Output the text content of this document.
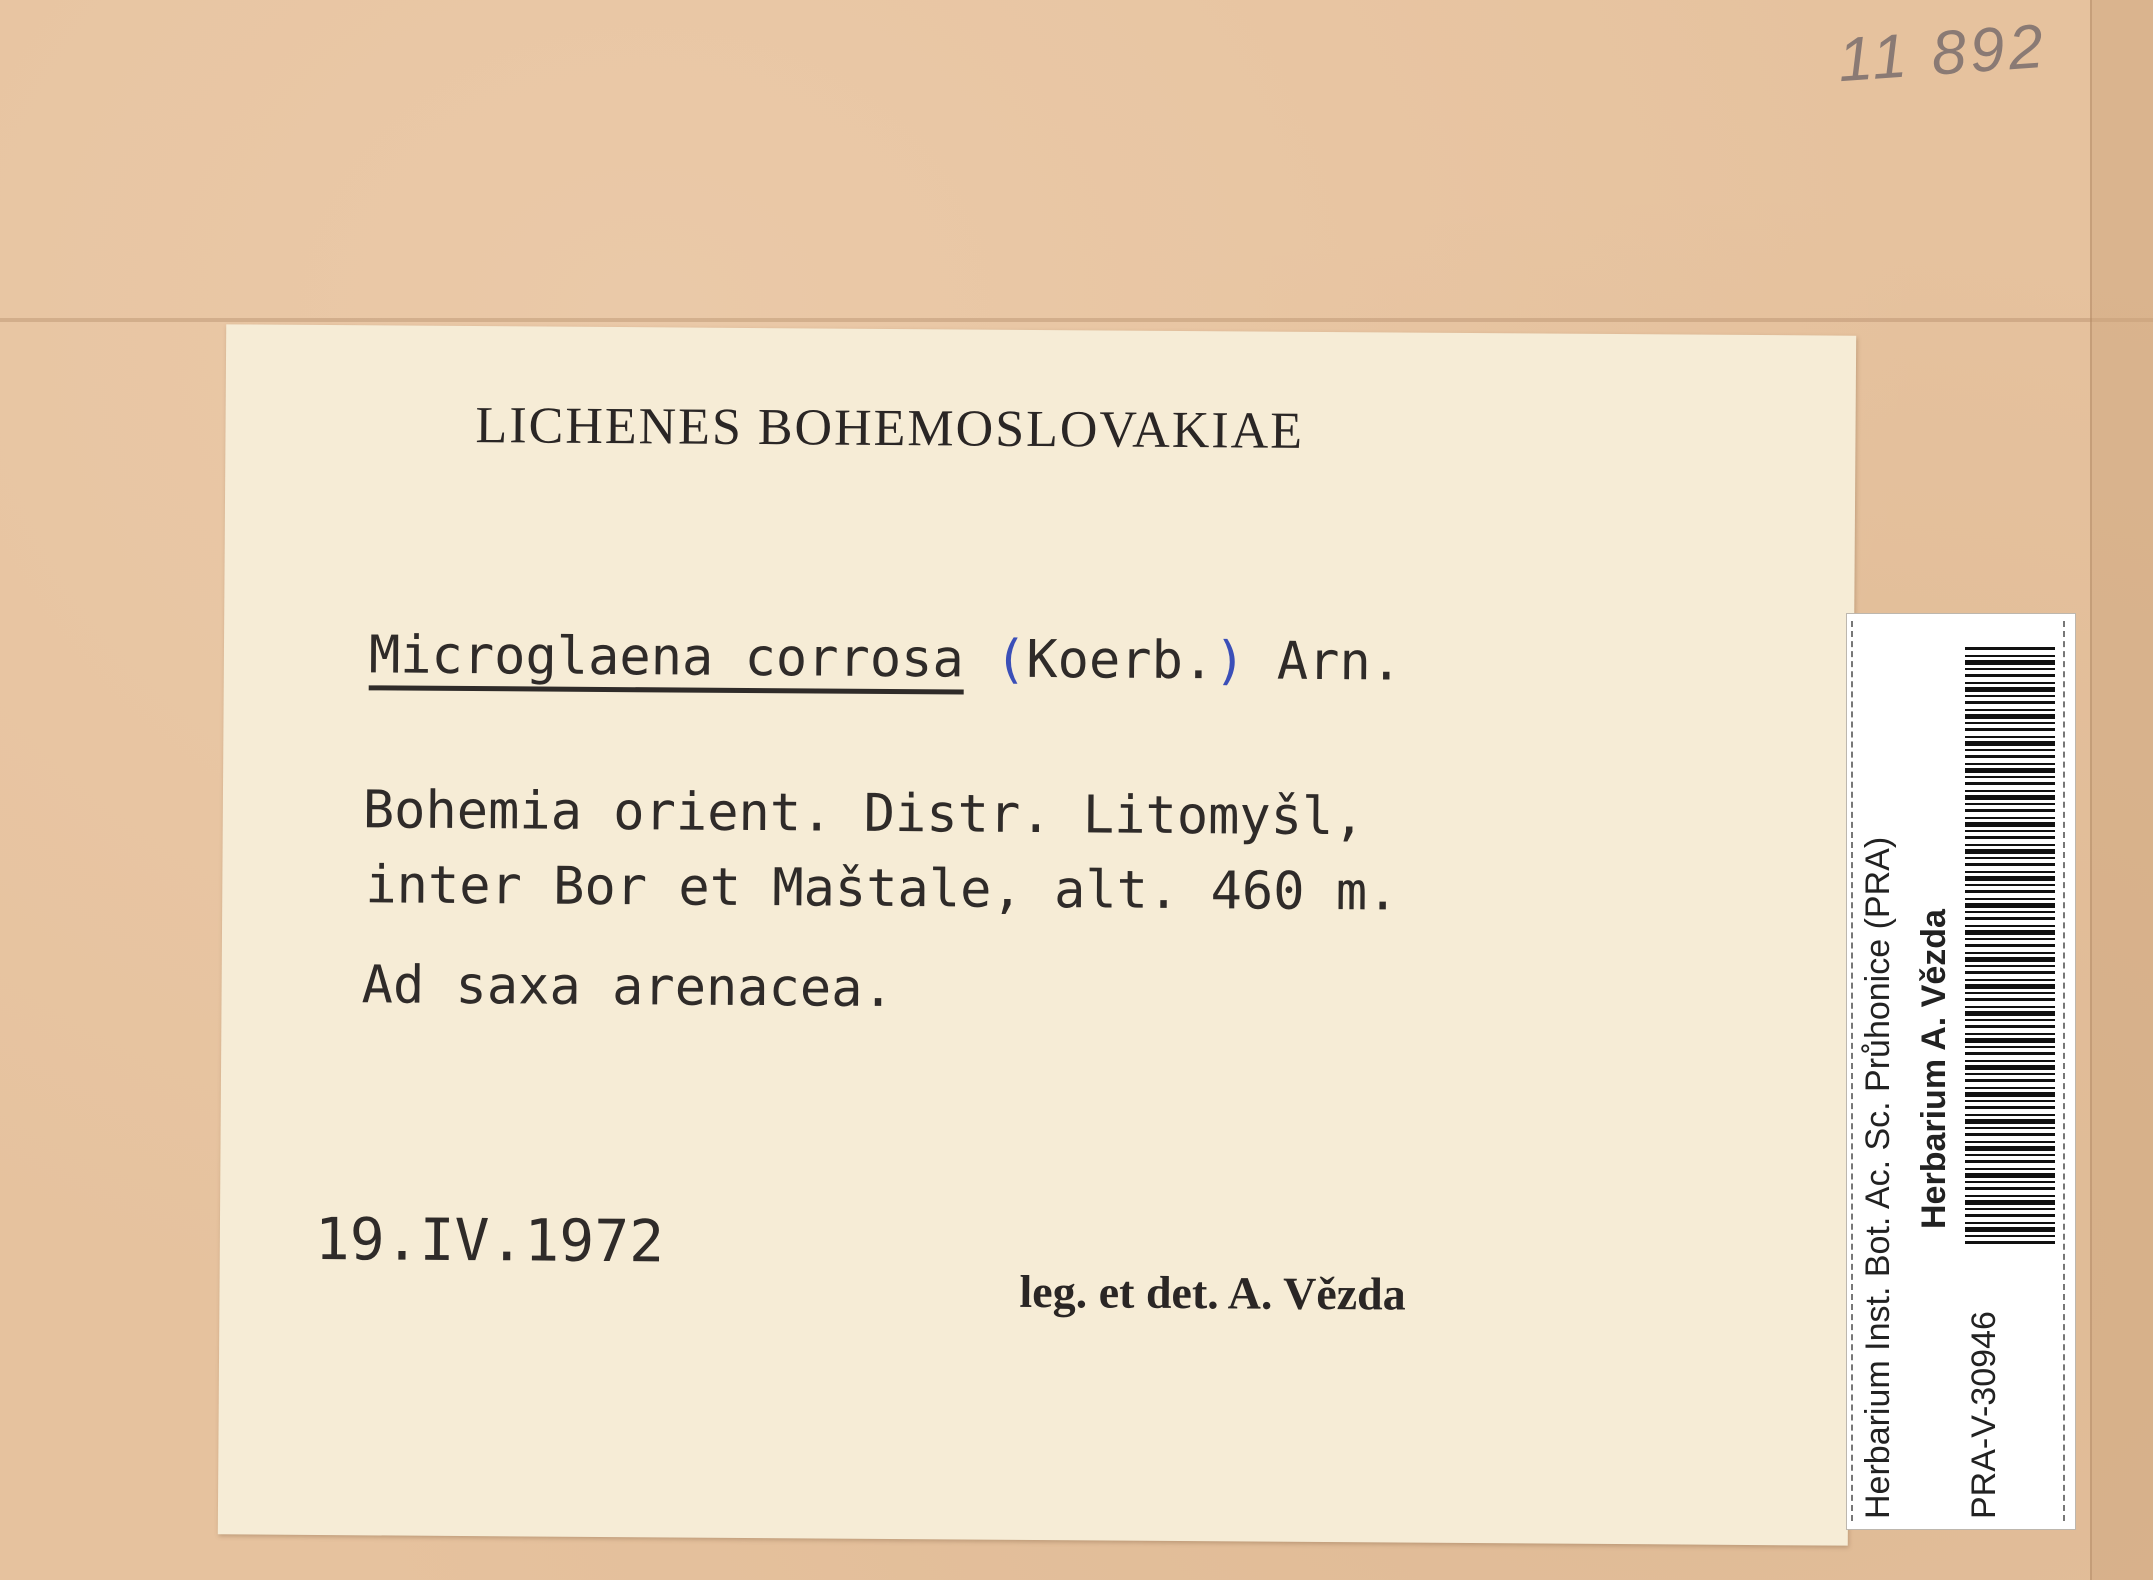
11 892
LICHENES BOHEMOSLOVAKIAE
Microglaena corrosa (Koerb.) Arn.
Bohemia orient. Distr. Litomyšl,
inter Bor et Maštale, alt. 460 m.
Ad saxa arenacea.
19.IV.1972
leg. et det. A. Vězda	Herbarium Inst. Bot. Ac. Sc. Průhonice (PRA) Herbarium A. Vězda
PRA-V-30946
